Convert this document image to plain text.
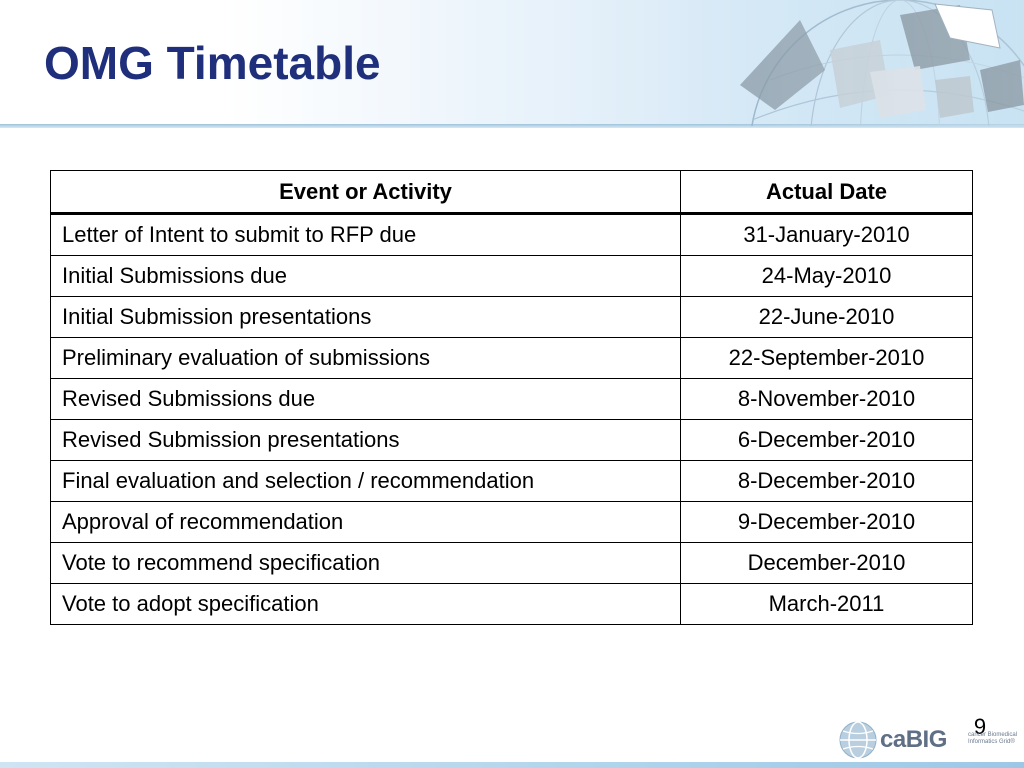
OMG Timetable
Event or Activity	Actual Date
Letter of Intent to submit to RFP due	31-January-2010
Initial Submissions due	24-May-2010
Initial Submission presentations	22-June-2010
Preliminary evaluation of submissions	22-September-2010
Revised Submissions due	8-November-2010
Revised Submission presentations	6-December-2010
Final evaluation and selection / recommendation	8-December-2010
Approval of recommendation	9-December-2010
Vote to recommend specification	December-2010
Vote to adopt specification	March-2011
9
caBIG	cancer Biomedical Informatics Grid®
